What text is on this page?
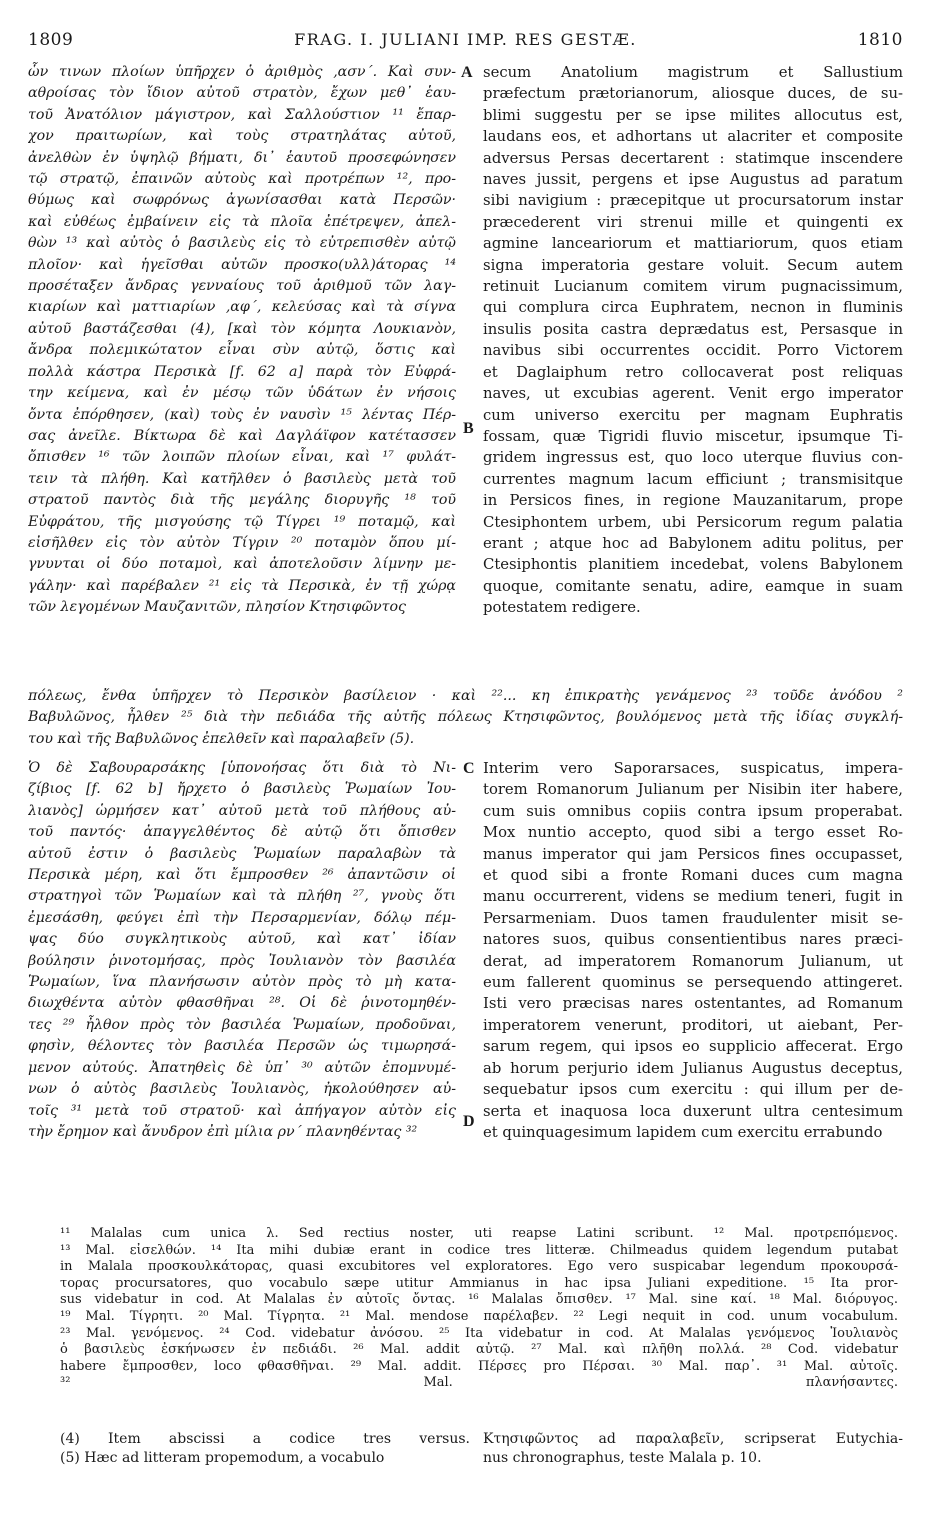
1809	FRAG. I. JULIANI IMP. RES GESTÆ.	1810
ὧν τινων πλοίων ὑπῆρχεν ὁ ἀριθμὸς ‚ασν΄. Καὶ συν-
αθροίσας τὸν ἴδιον αὐτοῦ στρατὸν, ἔχων μεθ᾽ ἑαυ-
τοῦ Ἀνατόλιον μάγιστρον, καὶ Σαλλούστιον ¹¹ ἔπαρ-
χον πραιτωρίων, καὶ τοὺς στρατηλάτας αὐτοῦ,
ἀνελθὼν ἐν ὑψηλῷ βήματι, δι᾽ ἑαυτοῦ προσεφώνησεν
τῷ στρατῷ, ἐπαινῶν αὐτοὺς καὶ προτρέπων ¹², προ-
θύμως καὶ σωφρόνως ἀγωνίσασθαι κατὰ Περσῶν·
καὶ εὐθέως ἐμβαίνειν εἰς τὰ πλοῖα ἐπέτρεψεν, ἀπελ-
θὼν ¹³ καὶ αὐτὸς ὁ βασιλεὺς εἰς τὸ εὐτρεπισθὲν αὐτῷ
πλοῖον· καὶ ἡγεῖσθαι αὐτῶν προσκο(υλλ)άτορας ¹⁴
προσέταξεν ἄνδρας γενναίους τοῦ ἀριθμοῦ τῶν λαγ-
κιαρίων καὶ ματτιαρίων ‚αφ΄, κελεύσας καὶ τὰ σίγνα
αὐτοῦ βαστάζεσθαι (4), [καὶ τὸν κόμητα Λουκιανὸν,
ἄνδρα πολεμικώτατον εἶναι σὺν αὐτῷ, ὅστις καὶ
πολλὰ κάστρα Περσικὰ [f. 62 a] παρὰ τὸν Εὐφρά-
την κείμενα, καὶ ἐν μέσῳ τῶν ὑδάτων ἐν νήσοις
ὄντα ἐπόρθησεν, (καὶ) τοὺς ἐν ναυσὶν ¹⁵ λέντας Πέρ-
σας ἀνεῖλε. Βίκτωρα δὲ καὶ Δαγλάϊφον κατέτασσεν
ὄπισθεν ¹⁶ τῶν λοιπῶν πλοίων εἶναι, καὶ ¹⁷ φυλάτ-
τειν τὰ πλήθη. Καὶ κατῆλθεν ὁ βασιλεὺς μετὰ τοῦ
στρατοῦ παντὸς διὰ τῆς μεγάλης διορυγῆς ¹⁸ τοῦ
Εὐφράτου, τῆς μισγούσης τῷ Τίγρει ¹⁹ ποταμῷ, καὶ
εἰσῆλθεν εἰς τὸν αὐτὸν Τίγριν ²⁰ ποταμὸν ὅπου μί-
γνυνται οἱ δύο ποταμοὶ, καὶ ἀποτελοῦσιν λίμνην με-
γάλην· καὶ παρέβαλεν ²¹ εἰς τὰ Περσικὰ, ἐν τῇ χώρᾳ
τῶν λεγομένων Μαυζανιτῶν, πλησίον Κτησιφῶντος
secum Anatolium magistrum et Sallustium
præfectum prætorianorum, aliosque duces, de su-
blimi suggestu per se ipse milites allocutus est,
laudans eos, et adhortans ut alacriter et composite
adversus Persas decertarent : statimque inscendere
naves jussit, pergens et ipse Augustus ad paratum
sibi navigium : præcepitque ut procursatorum instar
præcederent viri strenui mille et quingenti ex
agmine lanceariorum et mattiariorum, quos etiam
signa imperatoria gestare voluit. Secum autem
retinuit Lucianum comitem virum pugnacissimum,
qui complura circa Euphratem, necnon in fluminis
insulis posita castra deprædatus est, Persasque in
navibus sibi occurrentes occidit. Porro Victorem
et Daglaiphum retro collocaverat post reliquas
naves, ut excubias agerent. Venit ergo imperator
cum universo exercitu per magnam Euphratis
fossam, quæ Tigridi fluvio miscetur, ipsumque Ti-
gridem ingressus est, quo loco uterque fluvius con-
currentes magnum lacum efficiunt ; transmisitque
in Persicos fines, in regione Mauzanitarum, prope
Ctesiphontem urbem, ubi Persicorum regum palatia
erant ; atque hoc ad Babylonem aditu politus, per
Ctesiphontis planitiem incedebat, volens Babylonem
quoque, comitante senatu, adire, eamque in suam
potestatem redigere.
A
B
πόλεως, ἔνθα ὑπῆρχεν τὸ Περσικὸν βασίλειον · καὶ ²²... κη ἐπικρατὴς γενάμενος ²³ τοῦδε ἀνόδου ²
Βαβυλῶνος, ἦλθεν ²⁵ διὰ τὴν πεδιάδα τῆς αὐτῆς πόλεως Κτησιφῶντος, βουλόμενος μετὰ τῆς ἰδίας συγκλή-
του καὶ τῆς Βαβυλῶνος ἐπελθεῖν καὶ παραλαβεῖν (5).
Ὁ δὲ Σαβουραρσάκης [ὑπονοήσας ὅτι διὰ τὸ Νι-
ζίβιος [f. 62 b] ἤρχετο ὁ βασιλεὺς Ῥωμαίων Ἰου-
λιανὸς] ὡρμήσεν κατ᾽ αὐτοῦ μετὰ τοῦ πλήθους αὐ-
τοῦ παντός· ἀπαγγελθέντος δὲ αὐτῷ ὅτι ὄπισθεν
αὐτοῦ ἐστιν ὁ βασιλεὺς Ῥωμαίων παραλαβὼν τὰ
Περσικὰ μέρη, καὶ ὅτι ἔμπροσθεν ²⁶ ἀπαντῶσιν οἱ
στρατηγοὶ τῶν Ῥωμαίων καὶ τὰ πλήθη ²⁷, γνοὺς ὅτι
ἐμεσάσθη, φεύγει ἐπὶ τὴν Περσαρμενίαν, δόλῳ πέμ-
ψας δύο συγκλητικοὺς αὐτοῦ, καὶ κατ᾽ ἰδίαν
βούλησιν ῥινοτομήσας, πρὸς Ἰουλιανὸν τὸν βασιλέα
Ῥωμαίων, ἵνα πλανήσωσιν αὐτὸν πρὸς τὸ μὴ κατα-
διωχθέντα αὐτὸν φθασθῆναι ²⁸. Οἱ δὲ ῥινοτομηθέν-
τες ²⁹ ἦλθον πρὸς τὸν βασιλέα Ῥωμαίων, προδοῦναι,
φησὶν, θέλοντες τὸν βασιλέα Περσῶν ὡς τιμωρησά-
μενον αὐτούς. Ἀπατηθεὶς δὲ ὑπ᾽ ³⁰ αὐτῶν ἐπομνυμέ-
νων ὁ αὐτὸς βασιλεὺς Ἰουλιανὸς, ἠκολούθησεν αὐ-
τοῖς ³¹ μετὰ τοῦ στρατοῦ· καὶ ἀπήγαγον αὐτὸν εἰς
τὴν ἔρημον καὶ ἄνυδρον ἐπὶ μίλια ρν΄ πλανηθέντας ³²
Interim vero Saporarsaces, suspicatus, impera-
torem Romanorum Julianum per Nisibin iter habere,
cum suis omnibus copiis contra ipsum properabat.
Mox nuntio accepto, quod sibi a tergo esset Ro-
manus imperator qui jam Persicos fines occupasset,
et quod sibi a fronte Romani duces cum magna
manu occurrerent, videns se medium teneri, fugit in
Persarmeniam. Duos tamen fraudulenter misit se-
natores suos, quibus consentientibus nares præci-
derat, ad imperatorem Romanorum Julianum, ut
eum fallerent quominus se persequendo attingeret.
Isti vero præcisas nares ostentantes, ad Romanum
imperatorem venerunt, proditori, ut aiebant, Per-
sarum regem, qui ipsos eo supplicio affecerat. Ergo
ab horum perjurio idem Julianus Augustus deceptus,
sequebatur ipsos cum exercitu : qui illum per de-
serta et inaquosa loca duxerunt ultra centesimum
et quinquagesimum lapidem cum exercitu errabundo
C
D
¹¹ Malalas cum unica λ. Sed rectius noster, uti reapse Latini scribunt. ¹² Mal. προτρεπόμενος.
¹³ Mal. εἰσελθών. ¹⁴ Ita mihi dubiæ erant in codice tres litteræ. Chilmeadus quidem legendum putabat
in Malala προσκουλκάτορας, quasi excubitores vel exploratores. Ego vero suspicabar legendum προκουρσά-
τορας procursatores, quo vocabulo sæpe utitur Ammianus in hac ipsa Juliani expeditione. ¹⁵ Ita pror-
sus videbatur in cod. At Malalas ἐν αὐτοῖς ὄντας. ¹⁶ Malalas ὄπισθεν. ¹⁷ Mal. sine καί. ¹⁸ Mal. διόρυγος.
¹⁹ Mal. Τίγρητι. ²⁰ Mal. Τίγρητα. ²¹ Mal. mendose παρέλαβεν. ²² Legi nequit in cod. unum vocabulum.
²³ Mal. γενόμενος. ²⁴ Cod. videbatur ἀνόσου. ²⁵ Ita videbatur in cod. At Malalas γενόμενος Ἰουλιανὸς
ὁ βασιλεὺς ἐσκήνωσεν ἐν πεδιάδι. ²⁶ Mal. addit αὐτῷ. ²⁷ Mal. καὶ πλῆθη πολλά. ²⁸ Cod. videbatur
habere ἔμπροσθεν, loco φθασθῆναι. ²⁹ Mal. addit. Πέρσες pro Πέρσαι. ³⁰ Mal. παρ᾽. ³¹ Mal. αὐτοῖς.
³² Mal. πλανήσαντες.
(4) Item abscissi a codice tres versus.
(5) Hæc ad litteram propemodum, a vocabulo
Κτησιφῶντος ad παραλαβεῖν, scripserat Eutychia-
nus chronographus, teste Malala p. 10.
